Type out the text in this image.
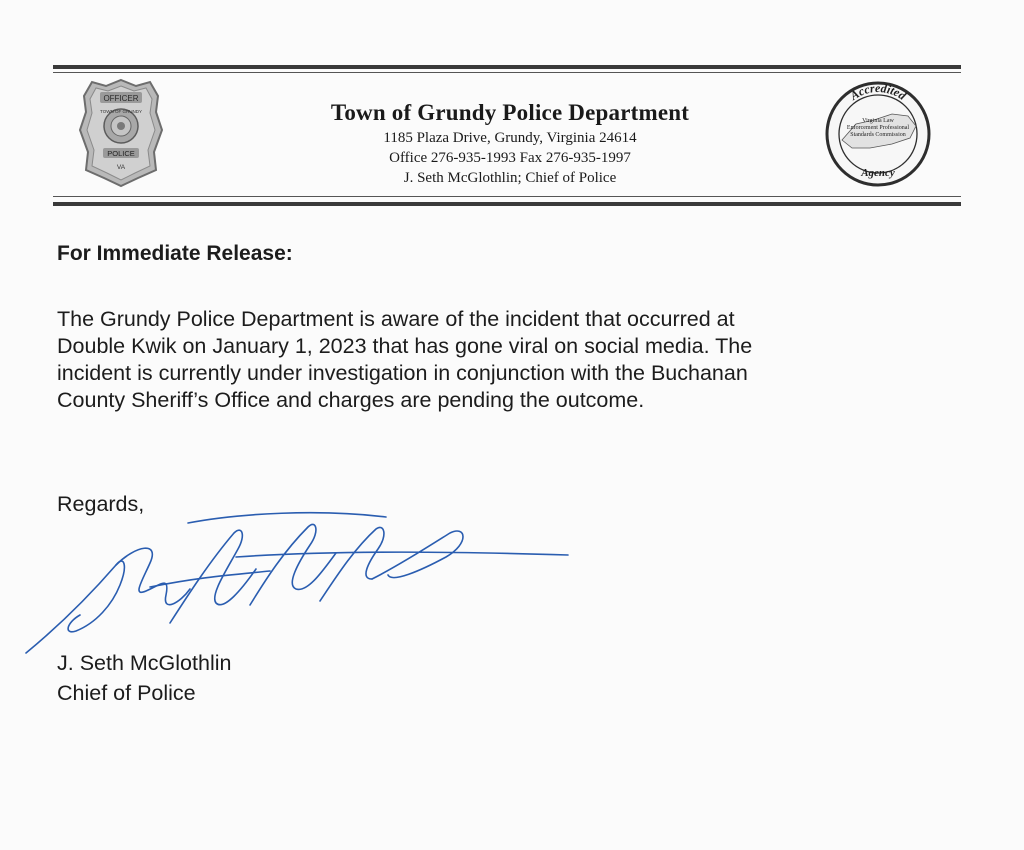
OFFICER
TOWN OF GRUNDY
POLICE
VA
Town of Grundy Police Department
1185 Plaza Drive, Grundy, Virginia 24614
Office 276-935-1993 Fax 276-935-1997
J. Seth McGlothlin; Chief of Police
Accredited
Virginia Law Enforcement Professional Standards Commission
Agency
For Immediate Release:
The Grundy Police Department is aware of the incident that occurred at
Double Kwik on January 1, 2023 that has gone viral on social media. The
incident is currently under investigation in conjunction with the Buchanan
County Sheriff’s Office and charges are pending the outcome.
Regards,
J. Seth McGlothlin
Chief of Police
